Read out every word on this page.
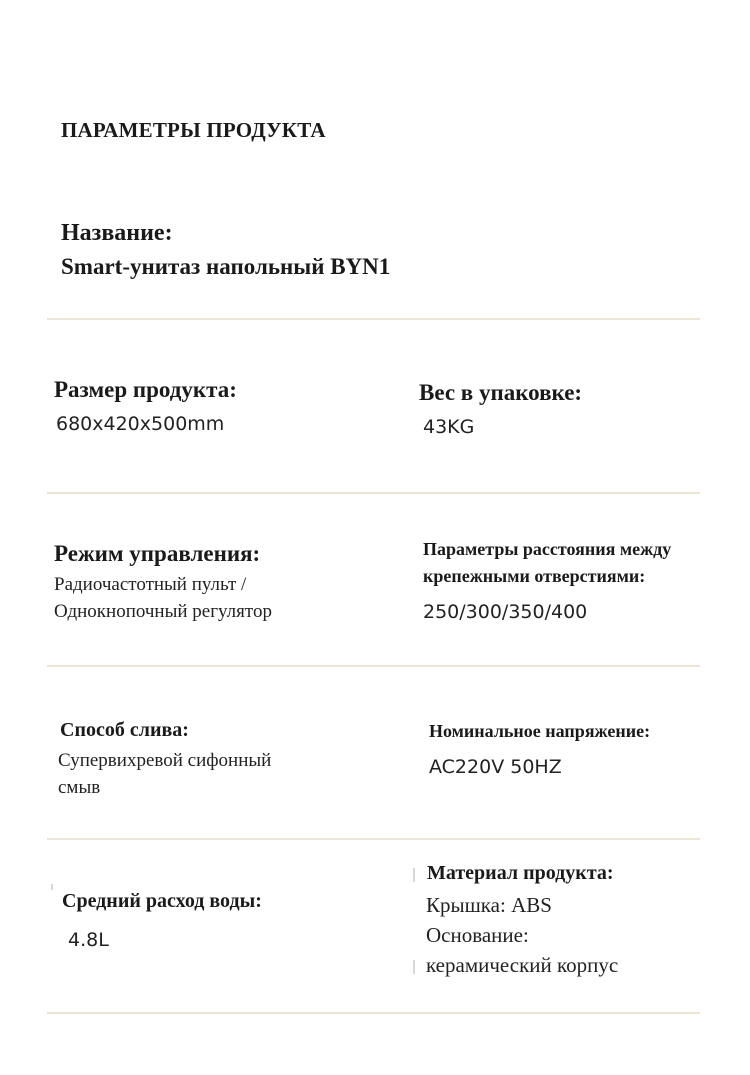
ПАРАМЕТРЫ ПРОДУКТА
Название:
Smart-унитаз напольный BYN1
Размер продукта:
680x420x500mm
Вес в упаковке:
43KG
Режим управления:
Радиочастотный пульт /
Однокнопочный регулятор
Параметры расстояния между
крепежными отверстиями:
250/300/350/400
Способ слива:
Супервихревой сифонный
смыв
Номинальное напряжение:
AC220V 50HZ
Средний расход воды:
4.8L
Материал продукта:
Крышка: ABS
Основание:
керамический корпус
